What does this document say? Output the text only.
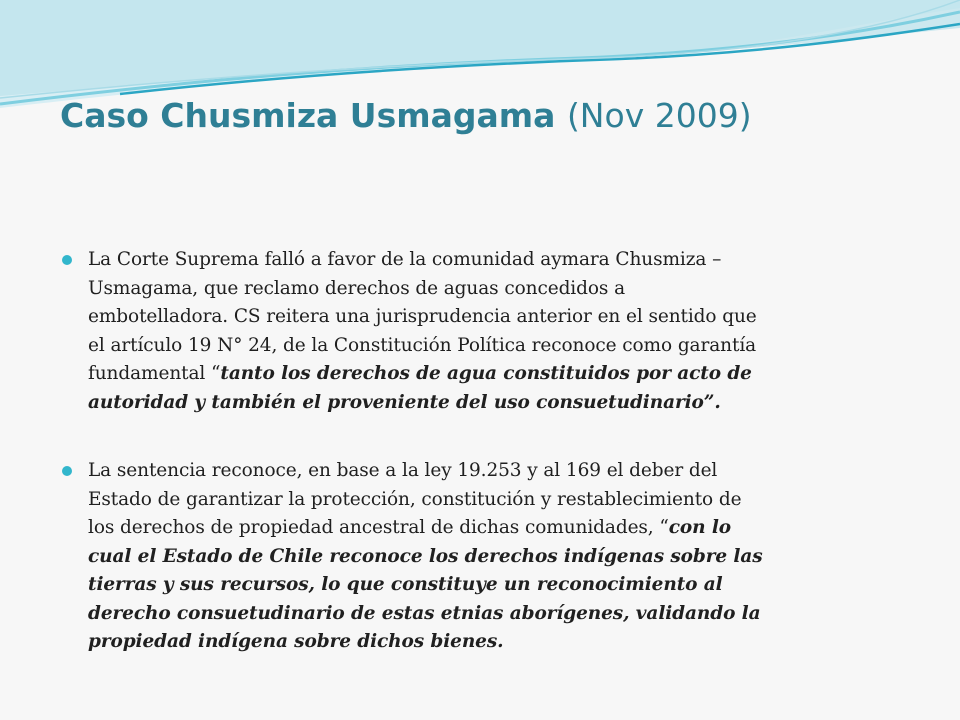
Caso Chusmiza Usmagama (Nov 2009)
La Corte Suprema falló a favor de la comunidad aymara Chusmiza –
Usmagama, que reclamo derechos de aguas concedidos a
embotelladora. CS reitera una jurisprudencia anterior en el sentido que
el artículo 19 N° 24, de la Constitución Política reconoce como garantía
fundamental “tanto los derechos de agua constituidos por acto de
autoridad y también el proveniente del uso consuetudinario”.
La sentencia reconoce, en base a la ley 19.253 y al 169 el deber del
Estado de garantizar la protección, constitución y restablecimiento de
los derechos de propiedad ancestral de dichas comunidades, “con lo
cual el Estado de Chile reconoce los derechos indígenas sobre las
tierras y sus recursos, lo que constituye un reconocimiento al
derecho consuetudinario de estas etnias aborígenes, validando la
propiedad indígena sobre dichos bienes.
